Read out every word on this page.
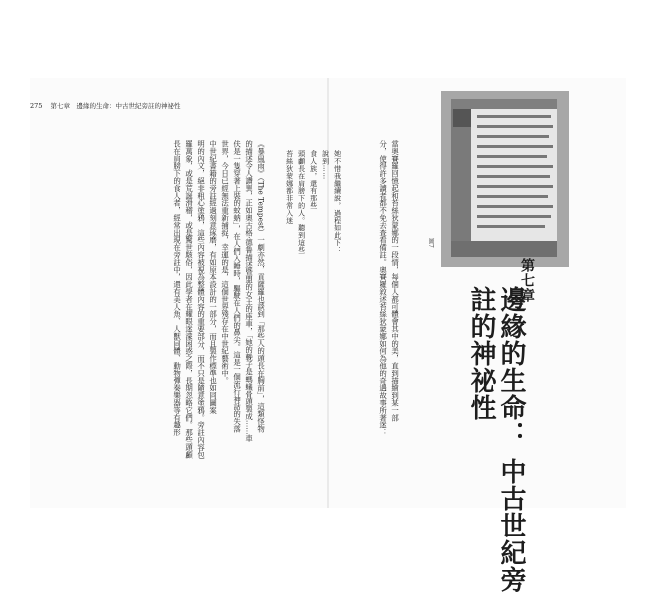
275 第七章　邊緣的生命：中古世紀旁註的神祕性
圖7
第七章
邊緣的生命： 中古世紀旁註的神祕性
當奧賽羅回憶起和苔絲狄蒙娜的一段情，每個人都可體會其中的美，直到描繪到某一部
分，使得許多讀者都不免去查看備註。奧賽羅敘述苔絲狄蒙娜如何為他的奇遇故事所著迷：
她不惜我繼續說，過程如此下：
說到……
食人族，還有那些
頭顱長在肩膀下的人。聽到這些
苔絲狄蒙娜都非常入迷
《暴風雨》（The Tempest）一劇亦然，貢薩羅也談到「那些人的頭長在胸前」，這類怪物
的描述令人讚異，正如奧古格‧德鲁描述暨盟的女王的座車，「她的輓子是螞蟻骨頭製成……車
伕是一隻穿著上裝的蚊蚋」，在人們入睡時，驅駛在人們的鼻尖。這是一個流行神話的失落
世界，今日已經無法重新捕捉，幸運的是，這個世界殘存在中世紀藝術中。
中世紀書籍的旁註經過刻意琢磨，有如原本設計的一部分，而且製作標準也如同圖案
明的內文，絕非粗心塗鴉，這些內容被視為整體內容的重要部分，而不只是隨意塗鴉。旁註內容包
羅萬象，或是荒誕滑稽，或是驚世駭俗，因此學者在耀眼迷濛困惑之際，長期忽略它們。那些頭顱
長在肩膀下的食人者，經常出現在旁註中，還有美人魚、人獸同體、動物彈奏樂器等有趣形
